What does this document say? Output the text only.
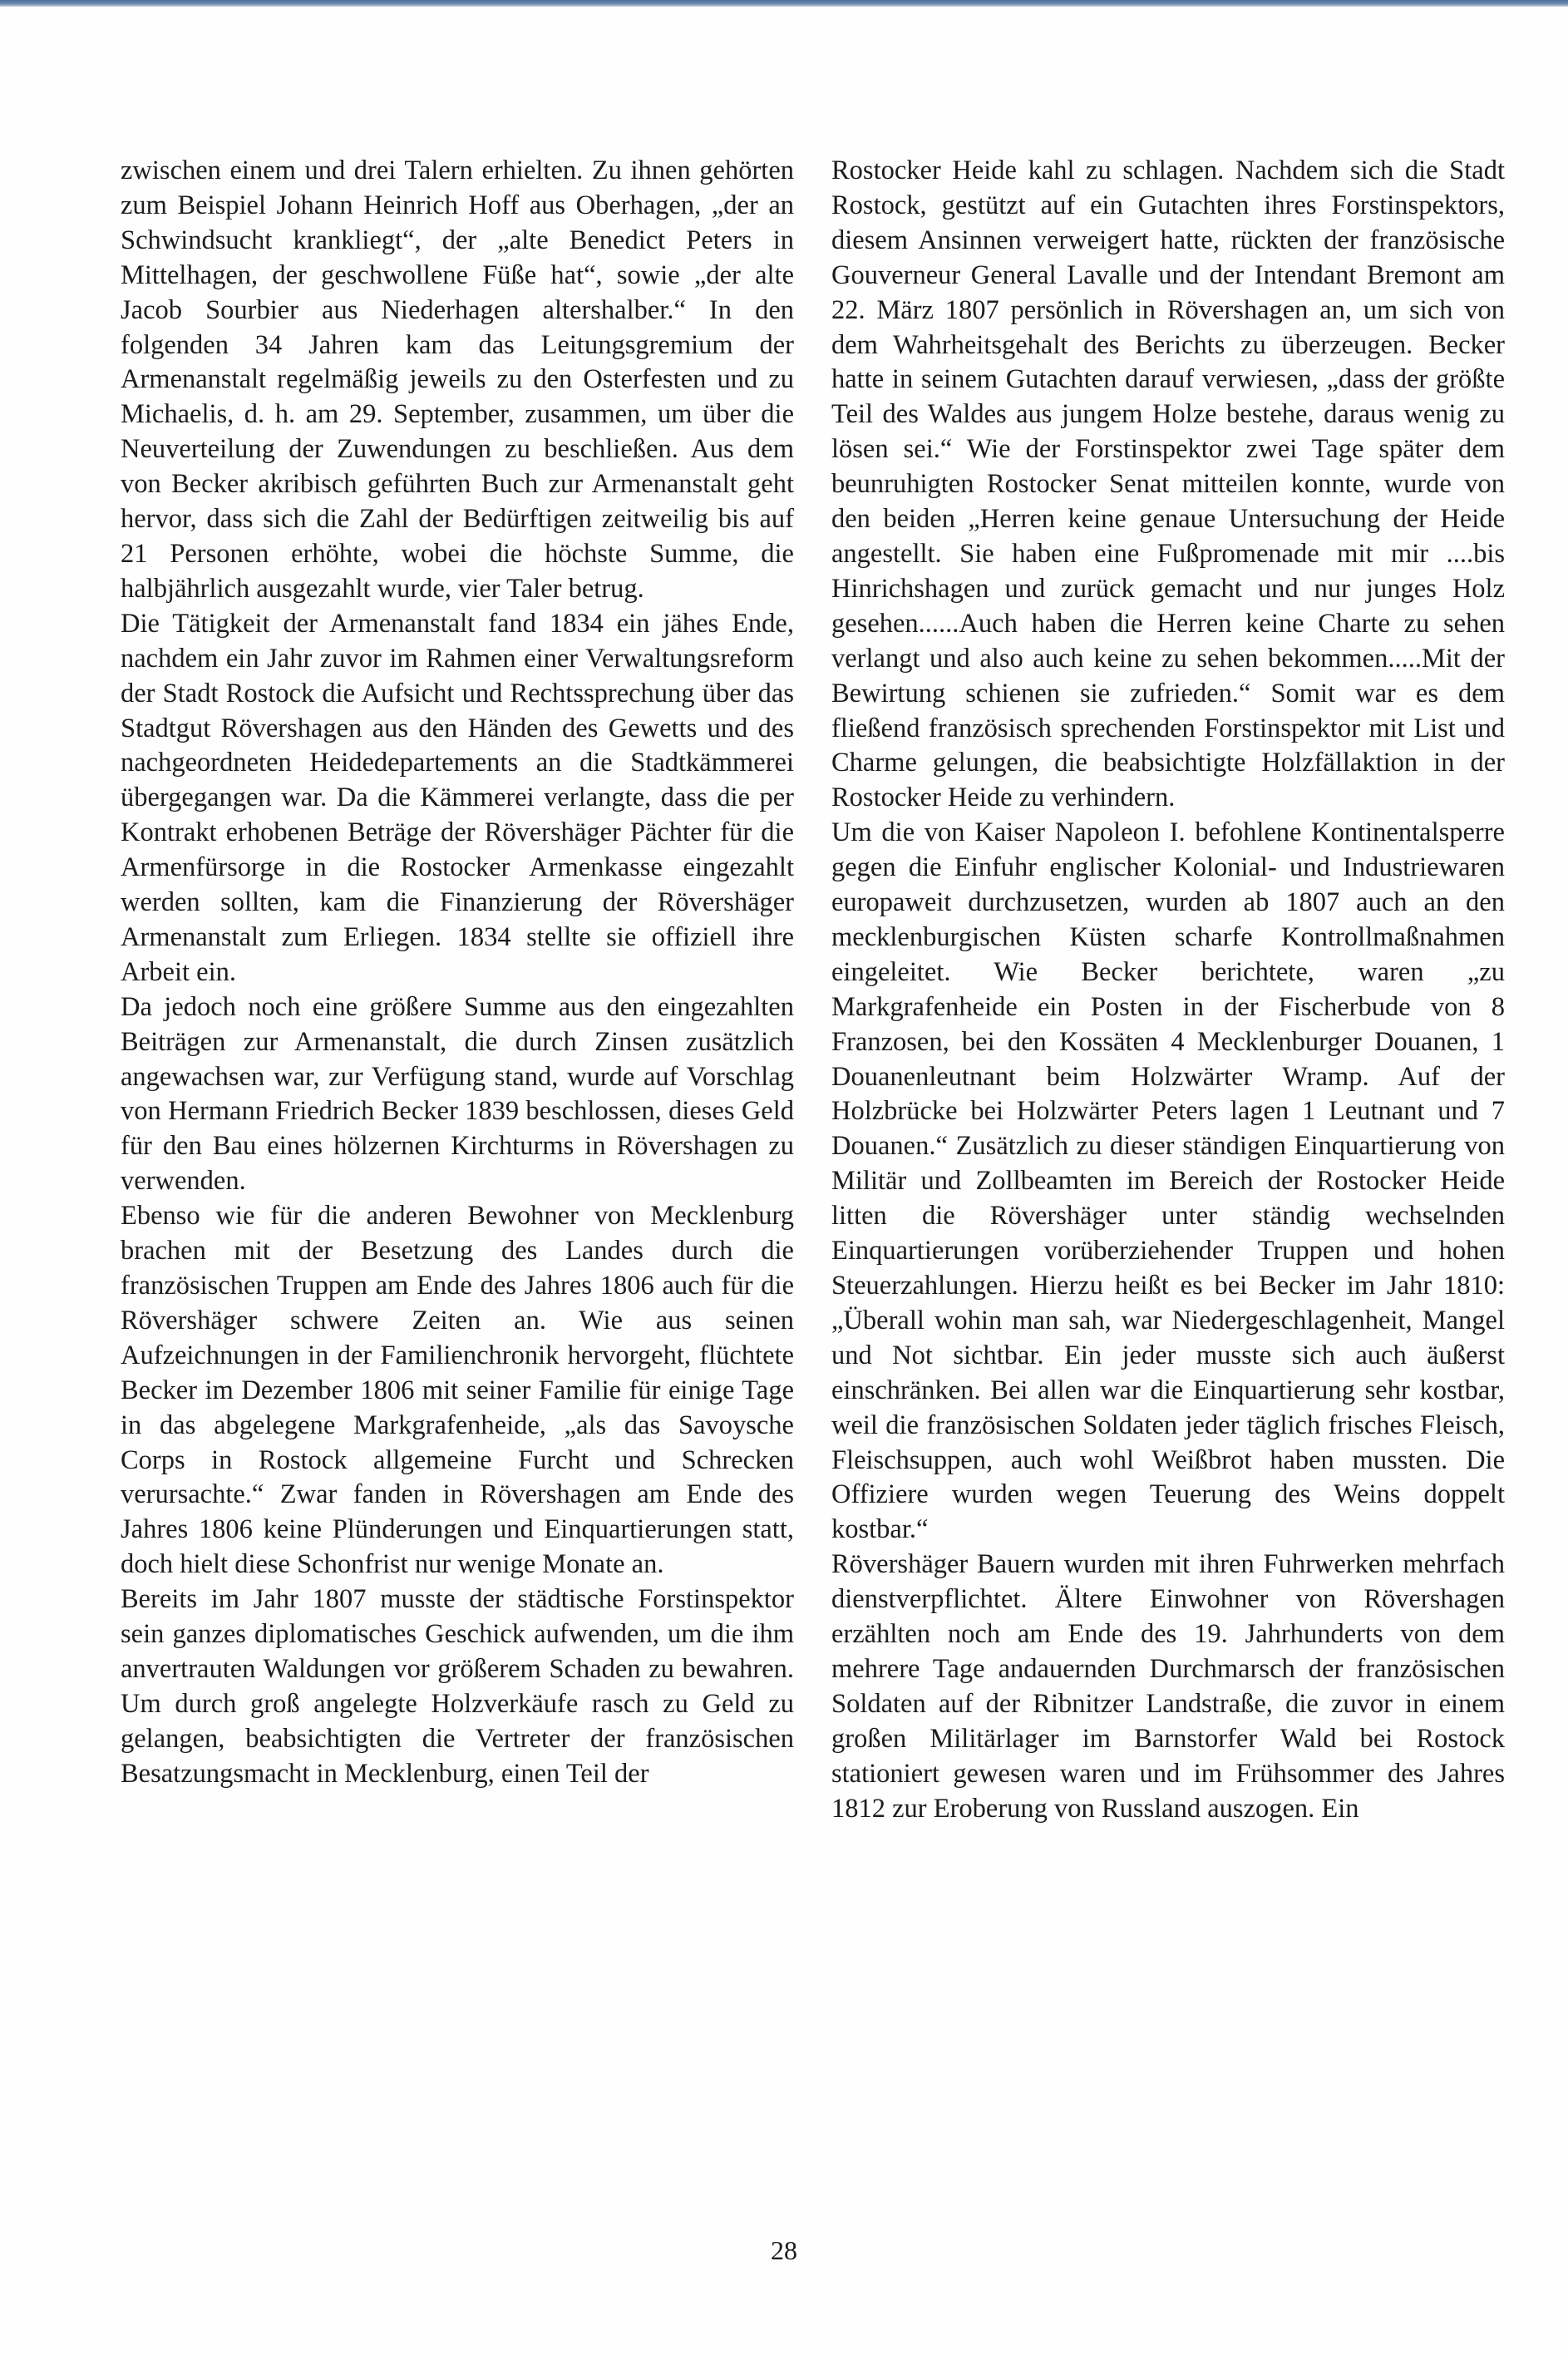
zwischen einem und drei Talern erhielten. Zu ihnen gehörten zum Beispiel Johann Heinrich Hoff aus Oberhagen, „der an Schwindsucht krankliegt“, der „alte Benedict Peters in Mittelhagen, der geschwollene Füße hat“, sowie „der alte Jacob Sourbier aus Niederhagen altershalber.“ In den folgenden 34 Jahren kam das Leitungsgremium der Armenanstalt regelmäßig jeweils zu den Osterfesten und zu Michaelis, d. h. am 29. September, zusammen, um über die Neuverteilung der Zuwendungen zu beschließen. Aus dem von Becker akribisch geführten Buch zur Armenanstalt geht hervor, dass sich die Zahl der Bedürftigen zeitweilig bis auf 21 Personen erhöhte, wobei die höchste Summe, die halbjährlich ausgezahlt wurde, vier Taler betrug.

Die Tätigkeit der Armenanstalt fand 1834 ein jähes Ende, nachdem ein Jahr zuvor im Rahmen einer Verwaltungsreform der Stadt Rostock die Aufsicht und Rechtssprechung über das Stadtgut Rövershagen aus den Händen des Gewetts und des nachgeordneten Heidedepartements an die Stadtkämmerei übergegangen war. Da die Kämmerei verlangte, dass die per Kontrakt erhobenen Beträge der Rövershäger Pächter für die Armenfürsorge in die Rostocker Armenkasse eingezahlt werden sollten, kam die Finanzierung der Rövershäger Armenanstalt zum Erliegen. 1834 stellte sie offiziell ihre Arbeit ein.

Da jedoch noch eine größere Summe aus den eingezahlten Beiträgen zur Armenanstalt, die durch Zinsen zusätzlich angewachsen war, zur Verfügung stand, wurde auf Vorschlag von Hermann Friedrich Becker 1839 beschlossen, dieses Geld für den Bau eines hölzernen Kirchturms in Rövershagen zu verwenden.

Ebenso wie für die anderen Bewohner von Mecklenburg brachen mit der Besetzung des Landes durch die französischen Truppen am Ende des Jahres 1806 auch für die Rövershäger schwere Zeiten an. Wie aus seinen Aufzeichnungen in der Familienchronik hervorgeht, flüchtete Becker im Dezember 1806 mit seiner Familie für einige Tage in das abgelegene Markgrafenheide, „als das Savoysche Corps in Rostock allgemeine Furcht und Schrecken verursachte.“ Zwar fanden in Rövershagen am Ende des Jahres 1806 keine Plünderungen und Einquartierungen statt, doch hielt diese Schonfrist nur wenige Monate an.

Bereits im Jahr 1807 musste der städtische Forstinspektor sein ganzes diplomatisches Geschick aufwenden, um die ihm anvertrauten Waldungen vor größerem Schaden zu bewahren. Um durch groß angelegte Holzverkäufe rasch zu Geld zu gelangen, beabsichtigten die Vertreter der französischen Besatzungsmacht in Mecklenburg, einen Teil der

Rostocker Heide kahl zu schlagen. Nachdem sich die Stadt Rostock, gestützt auf ein Gutachten ihres Forstinspektors, diesem Ansinnen verweigert hatte, rückten der französische Gouverneur General Lavalle und der Intendant Bremont am 22. März 1807 persönlich in Rövershagen an, um sich von dem Wahrheitsgehalt des Berichts zu überzeugen. Becker hatte in seinem Gutachten darauf verwiesen, „dass der größte Teil des Waldes aus jungem Holze bestehe, daraus wenig zu lösen sei.“ Wie der Forstinspektor zwei Tage später dem beunruhigten Rostocker Senat mitteilen konnte, wurde von den beiden „Herren keine genaue Untersuchung der Heide angestellt. Sie haben eine Fußpromenade mit mir ....bis Hinrichshagen und zurück gemacht und nur junges Holz gesehen......Auch haben die Herren keine Charte zu sehen verlangt und also auch keine zu sehen bekommen.....Mit der Bewirtung schienen sie zufrieden.“ Somit war es dem fließend französisch sprechenden Forstinspektor mit List und Charme gelungen, die beabsichtigte Holzfällaktion in der Rostocker Heide zu verhindern.

Um die von Kaiser Napoleon I. befohlene Kontinentalsperre gegen die Einfuhr englischer Kolonial- und Industriewaren europaweit durchzusetzen, wurden ab 1807 auch an den mecklenburgischen Küsten scharfe Kontrollmaßnahmen eingeleitet. Wie Becker berichtete, waren „zu Markgrafenheide ein Posten in der Fischerbude von 8 Franzosen, bei den Kossäten 4 Mecklenburger Douanen, 1 Douanenleutnant beim Holzwärter Wramp. Auf der Holzbrücke bei Holzwärter Peters lagen 1 Leutnant und 7 Douanen.“ Zusätzlich zu dieser ständigen Einquartierung von Militär und Zollbeamten im Bereich der Rostocker Heide litten die Rövershäger unter ständig wechselnden Einquartierungen vorüberziehender Truppen und hohen Steuerzahlungen. Hierzu heißt es bei Becker im Jahr 1810: „Überall wohin man sah, war Niedergeschlagenheit, Mangel und Not sichtbar. Ein jeder musste sich auch äußerst einschränken. Bei allen war die Einquartierung sehr kostbar, weil die französischen Soldaten jeder täglich frisches Fleisch, Fleischsuppen, auch wohl Weißbrot haben mussten. Die Offiziere wurden wegen Teuerung des Weins doppelt kostbar.“

Rövershäger Bauern wurden mit ihren Fuhrwerken mehrfach dienstverpflichtet. Ältere Einwohner von Rövershagen erzählten noch am Ende des 19. Jahrhunderts von dem mehrere Tage andauernden Durchmarsch der französischen Soldaten auf der Ribnitzer Landstraße, die zuvor in einem großen Militärlager im Barnstorfer Wald bei Rostock stationiert gewesen waren und im Frühsommer des Jahres 1812 zur Eroberung von Russland auszogen. Ein

28
